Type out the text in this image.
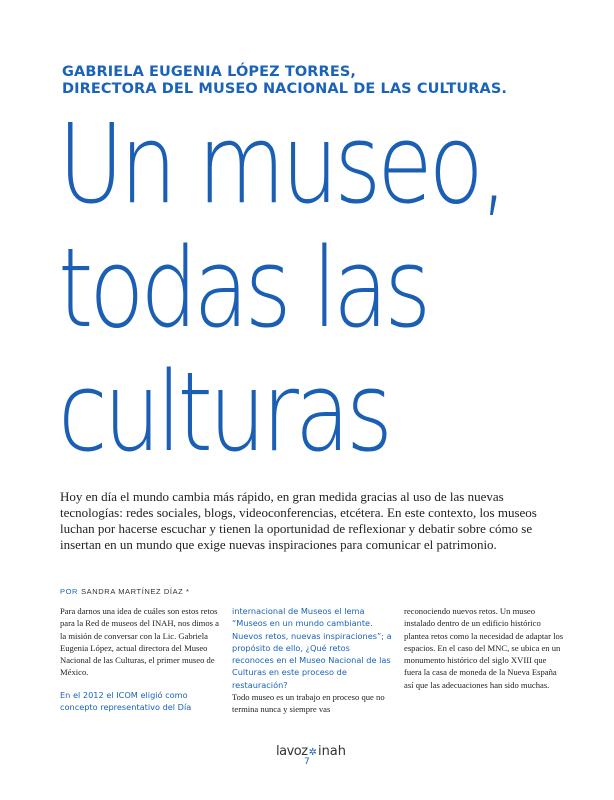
GABRIELA EUGENIA LÓPEZ TORRES,
DIRECTORA DEL MUSEO NACIONAL DE LAS CULTURAS.
Un museo,
todas las
culturas

Hoy en día el mundo cambia más rápido, en gran medida gracias al uso de las nuevas tecnologías: redes sociales, blogs, videoconferencias, etcétera. En este contexto, los museos luchan por hacerse escuchar y tienen la oportunidad de reflexionar y debatir sobre cómo se insertan en un mundo que exige nuevas inspiraciones para comunicar el patrimonio.

POR SANDRA MARTÍNEZ DÍAZ *

Para darnos una idea de cuáles son estos retos para la Red de museos del INAH, nos dimos a la misión de conversar con la Lic. Gabriela Eugenia López, actual directora del Museo Nacional de las Culturas, el primer museo de México.

En el 2012 el ICOM eligió como concepto representativo del Día

internacional de Museos el lema “Museos en un mundo cambiante. Nuevos retos, nuevas inspiraciones”; a propósito de ello, ¿Qué retos reconoces en el Museo Nacional de las Culturas en este proceso de restauración?

Todo museo es un trabajo en proceso que no termina nunca y siempre vas

reconociendo nuevos retos. Un museo instalado dentro de un edificio histórico plantea retos como la necesidad de adaptar los espacios. En el caso del MNC, se ubica en un monumento histórico del siglo XVIII que fuera la casa de moneda de la Nueva España así que las adecuaciones han sido muchas.

lavoz✲inah
7
